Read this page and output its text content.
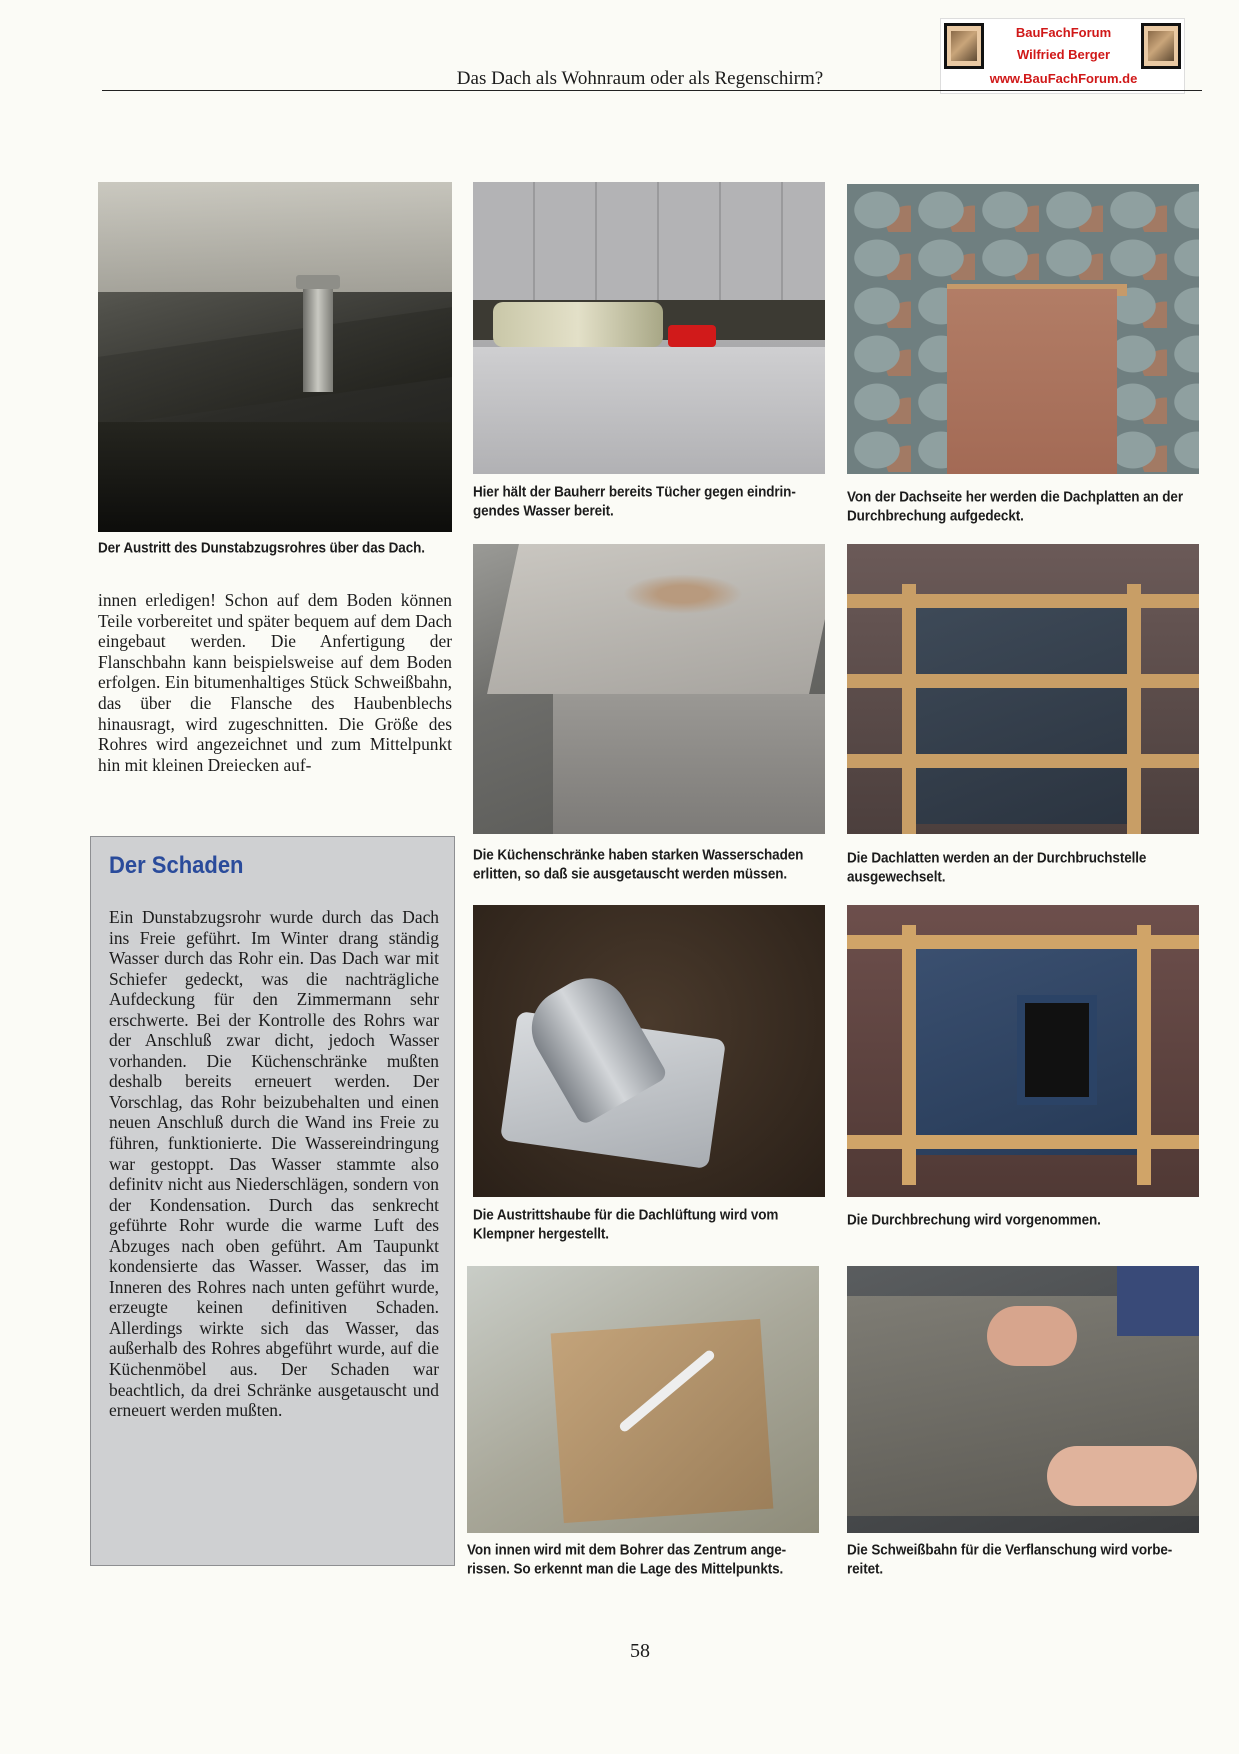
BauFachForum
Wilfried Berger
www.BauFachForum.de
Das Dach als Wohnraum oder als Regenschirm?
Der Austritt des Dunstabzugsrohres über das Dach.
Hier hält der Bauherr bereits Tücher gegen eindrin-gendes Wasser bereit.
Von der Dachseite her werden die Dachplatten an der Durchbrechung aufgedeckt.
Die Küchenschränke haben starken Wasserschaden erlitten, so daß sie ausgetauscht werden müssen.
Die Dachlatten werden an der Durchbruchstelle ausgewechselt.
Die Austrittshaube für die Dachlüftung wird vom Klempner hergestellt.
Die Durchbrechung wird vorgenommen.
Von innen wird mit dem Bohrer das Zentrum ange-rissen. So erkennt man die Lage des Mittelpunkts.
Die Schweißbahn für die Verflanschung wird vorbe-reitet.

innen erledigen! Schon auf dem Boden können Teile vorbereitet und später bequem auf dem Dach eingebaut werden. Die Anfertigung der Flanschbahn kann beispielsweise auf dem Boden erfolgen. Ein bitumenhaltiges Stück Schweißbahn, das über die Flansche des Haubenblechs hinausragt, wird zugeschnitten. Die Größe des Rohres wird angezeichnet und zum Mittelpunkt hin mit kleinen Dreiecken auf-

Der Schaden
Ein Dunstabzugsrohr wurde durch das Dach ins Freie geführt. Im Winter drang ständig Wasser durch das Rohr ein. Das Dach war mit Schiefer gedeckt, was die nachträgliche Aufdeckung für den Zimmermann sehr erschwerte. Bei der Kontrolle des Rohrs war der Anschluß zwar dicht, jedoch Wasser vorhanden. Die Küchenschränke mußten deshalb bereits erneuert werden. Der Vorschlag, das Rohr beizubehalten und einen neuen Anschluß durch die Wand ins Freie zu führen, funktionierte. Die Wassereindringung war gestoppt. Das Wasser stammte also definitv nicht aus Niederschlägen, sondern von der Kondensation. Durch das senkrecht geführte Rohr wurde die warme Luft des Abzuges nach oben geführt. Am Taupunkt kondensierte das Wasser. Wasser, das im Inneren des Rohres nach unten geführt wurde, erzeugte keinen definitiven Schaden. Allerdings wirkte sich das Wasser, das außerhalb des Rohres abgeführt wurde, auf die Küchenmöbel aus. Der Schaden war beachtlich, da drei Schränke ausgetauscht und erneuert werden mußten.
58
